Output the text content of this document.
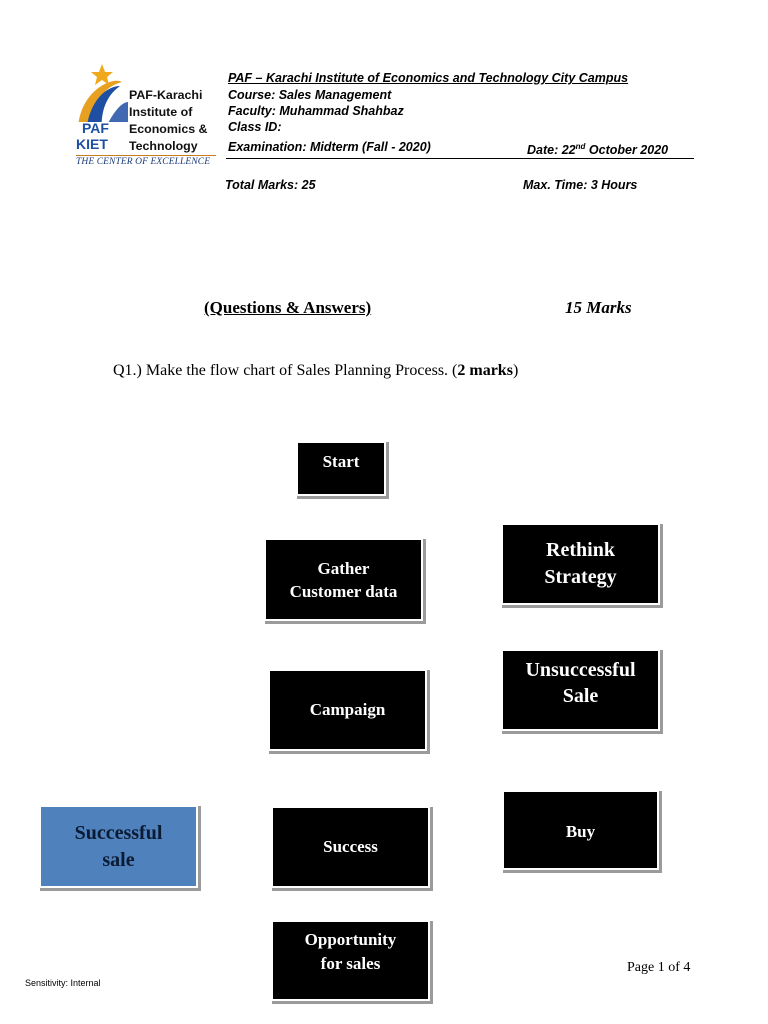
PAF
KIET
PAF-Karachi
Institute of
Economics &
Technology
THE CENTER OF EXCELLENCE
PAF – Karachi Institute of Economics and Technology City Campus
Course: Sales Management
Faculty: Muhammad Shahbaz
Class ID:
Examination: Midterm (Fall - 2020)	Date: 22nd October 2020
Total Marks: 25	Max. Time: 3 Hours
(Questions & Answers)	15 Marks
Q1.) Make the flow chart of Sales Planning Process. (2 marks)
Start
Gather
Customer data
Rethink
Strategy
Campaign
Unsuccessful
Sale
Buy
Successful
sale
Success
Opportunity
for sales
Sensitivity: Internal
Page 1 of 4
